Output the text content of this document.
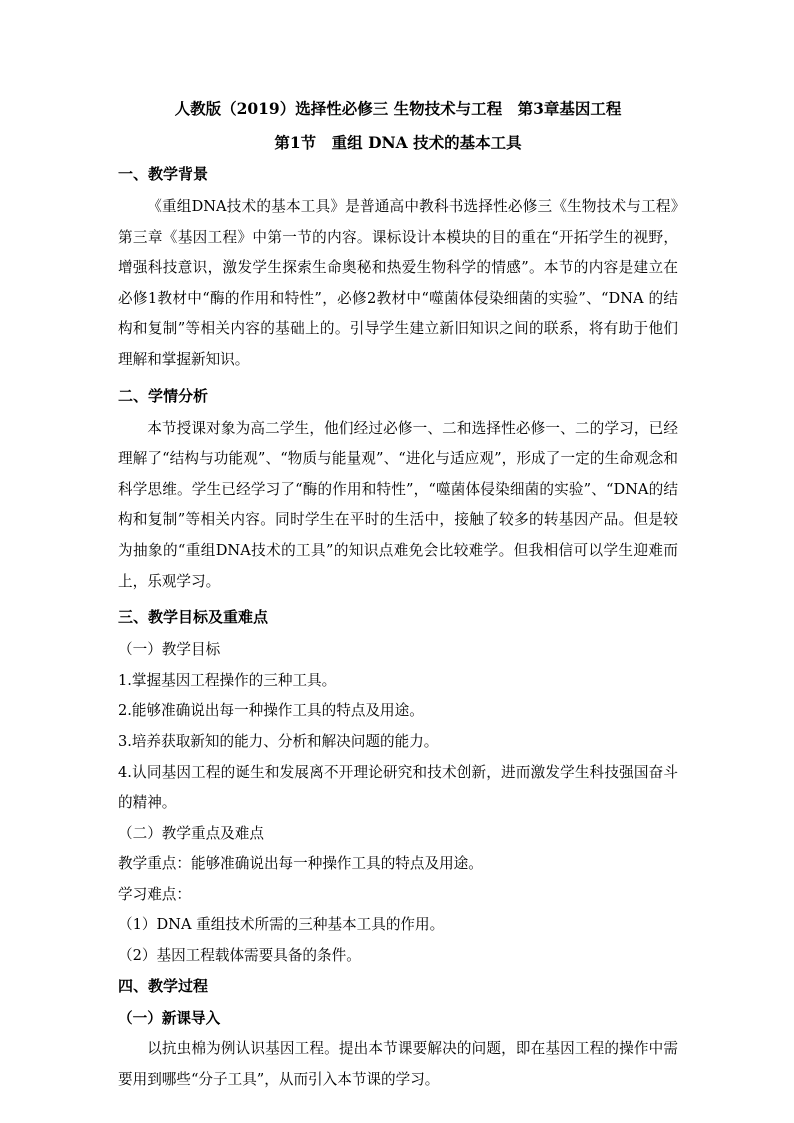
人教版（2019）选择性必修三 生物技术与工程　第3章基因工程

第1节　重组 DNA 技术的基本工具

一、教学背景

《重组DNA技术的基本工具》是普通高中教科书选择性必修三《生物技术与工程》第三章《基因工程》中第一节的内容。课标设计本模块的目的重在“开拓学生的视野，增强科技意识，激发学生探索生命奥秘和热爱生物科学的情感”。本节的内容是建立在必修1教材中“酶的作用和特性”，必修2教材中“噬菌体侵染细菌的实验”、“DNA 的结构和复制”等相关内容的基础上的。引导学生建立新旧知识之间的联系，将有助于他们理解和掌握新知识。

二、学情分析

本节授课对象为高二学生，他们经过必修一、二和选择性必修一、二的学习，已经理解了“结构与功能观”、“物质与能量观”、“进化与适应观”，形成了一定的生命观念和科学思维。学生已经学习了“酶的作用和特性”，“噬菌体侵染细菌的实验”、“DNA的结构和复制”等相关内容。同时学生在平时的生活中，接触了较多的转基因产品。但是较为抽象的“重组DNA技术的工具”的知识点难免会比较难学。但我相信可以学生迎难而上，乐观学习。

三、教学目标及重难点

（一）教学目标

1.掌握基因工程操作的三种工具。

2.能够准确说出每一种操作工具的特点及用途。

3.培养获取新知的能力、分析和解决问题的能力。

4.认同基因工程的诞生和发展离不开理论研究和技术创新，进而激发学生科技强国奋斗的精神。

（二）教学重点及难点

教学重点：能够准确说出每一种操作工具的特点及用途。

学习难点：

（1）DNA 重组技术所需的三种基本工具的作用。

（2）基因工程载体需要具备的条件。

四、教学过程

（一）新课导入

以抗虫棉为例认识基因工程。提出本节课要解决的问题，即在基因工程的操作中需要用到哪些“分子工具”，从而引入本节课的学习。
